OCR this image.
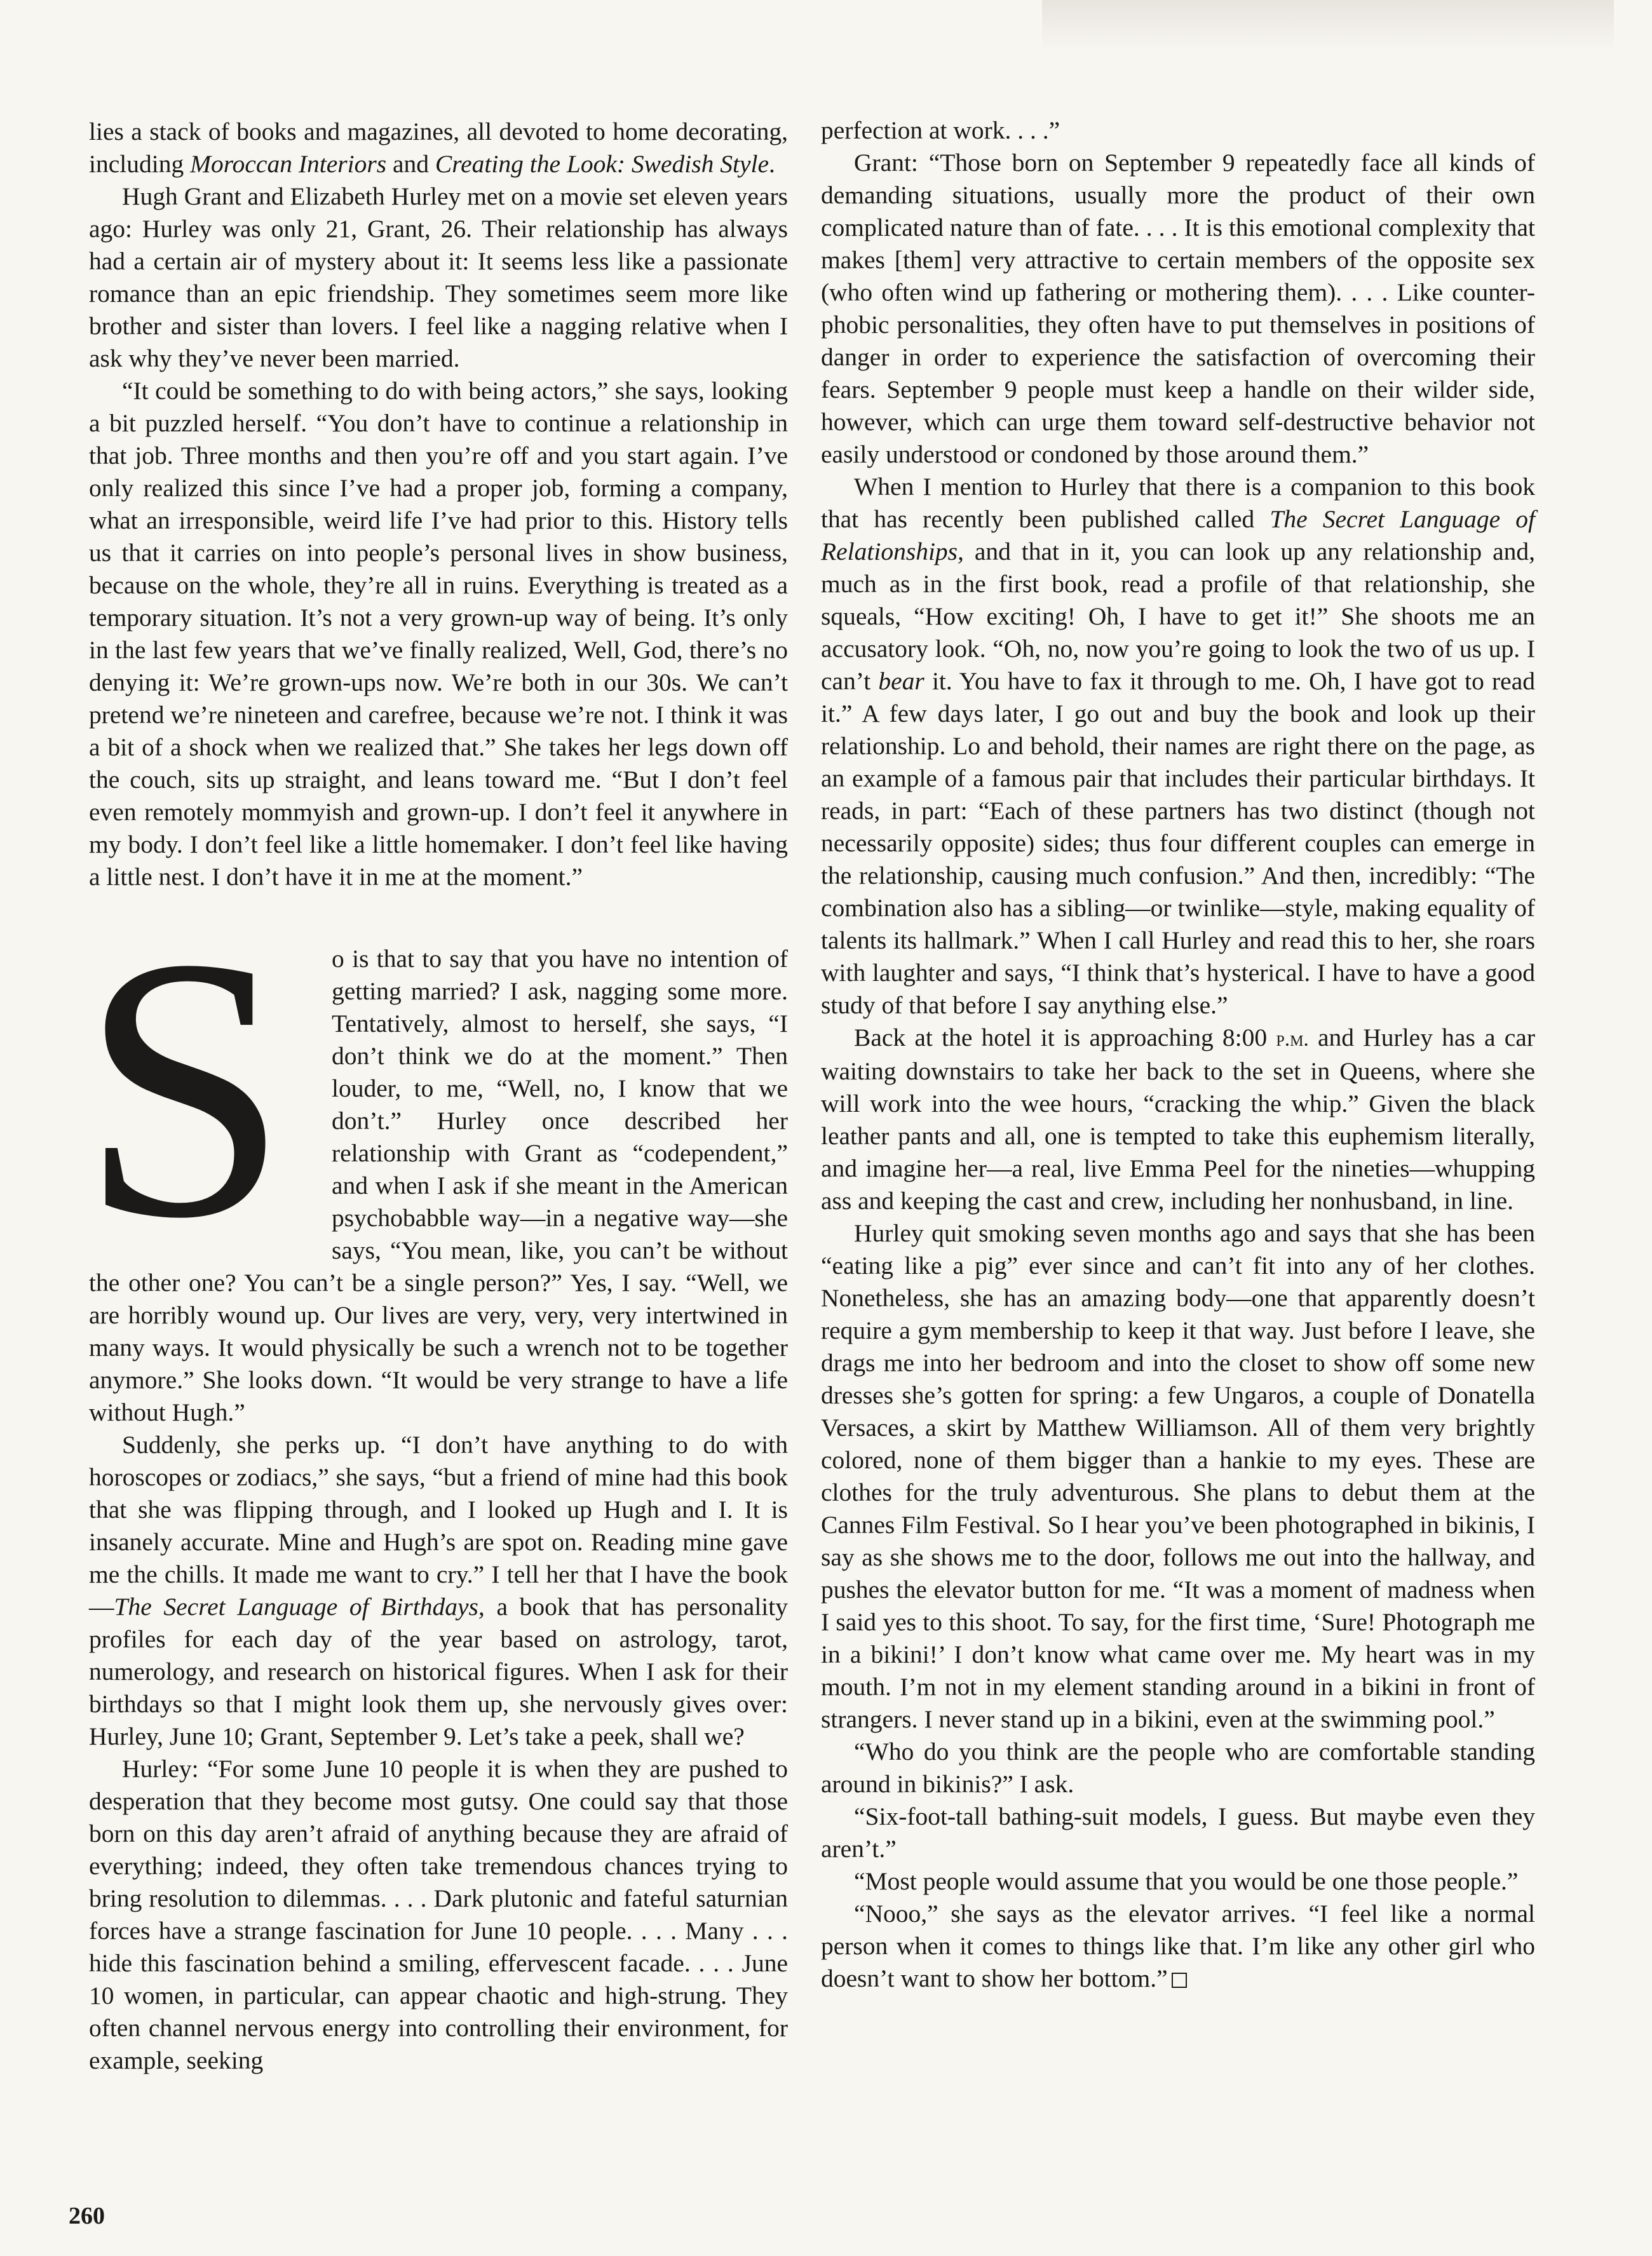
lies a stack of books and magazines, all devoted to home decorating, including Moroccan Interiors and Creating the Look: Swedish Style.

Hugh Grant and Elizabeth Hurley met on a movie set eleven years ago: Hurley was only 21, Grant, 26. Their relationship has always had a certain air of mystery about it: It seems less like a passionate romance than an epic friendship. They sometimes seem more like brother and sister than lovers. I feel like a nagging relative when I ask why they’ve never been married.

“It could be something to do with being actors,” she says, looking a bit puzzled herself. “You don’t have to continue a relationship in that job. Three months and then you’re off and you start again. I’ve only realized this since I’ve had a proper job, forming a company, what an irresponsible, weird life I’ve had prior to this. History tells us that it carries on into people’s personal lives in show business, because on the whole, they’re all in ruins. Everything is treated as a temporary situation. It’s not a very grown-up way of being. It’s only in the last few years that we’ve finally realized, Well, God, there’s no denying it: We’re grown-ups now. We’re both in our 30s. We can’t pretend we’re nineteen and carefree, because we’re not. I think it was a bit of a shock when we realized that.” She takes her legs down off the couch, sits up straight, and leans toward me. “But I don’t feel even remotely mommyish and grown-up. I don’t feel it anywhere in my body. I don’t feel like a little homemaker. I don’t feel like having a little nest. I don’t have it in me at the moment.”

S	o is that to say that you have no intention of getting married? I ask, nagging some more. Tentatively, almost to herself, she says, “I don’t think we do at the moment.” Then louder, to me, “Well, no, I know that we don’t.” Hurley once described her relationship with Grant as “codependent,” and when I ask if she meant in the American psychobabble way—in a negative way—she says, “You mean, like, you can’t be without the other one? You can’t be a single person?” Yes, I say. “Well, we are horribly wound up. Our lives are very, very, very intertwined in many ways. It would physically be such a wrench not to be together anymore.” She looks down. “It would be very strange to have a life without Hugh.”

Suddenly, she perks up. “I don’t have anything to do with horoscopes or zodiacs,” she says, “but a friend of mine had this book that she was flipping through, and I looked up Hugh and I. It is insanely accurate. Mine and Hugh’s are spot on. Reading mine gave me the chills. It made me want to cry.” I tell her that I have the book—The Secret Language of Birthdays, a book that has personality profiles for each day of the year based on astrology, tarot, numerology, and research on historical figures. When I ask for their birthdays so that I might look them up, she nervously gives over: Hurley, June 10; Grant, September 9. Let’s take a peek, shall we?

Hurley: “For some June 10 people it is when they are pushed to desperation that they become most gutsy. One could say that those born on this day aren’t afraid of anything because they are afraid of everything; indeed, they often take tremendous chances trying to bring resolution to dilemmas. . . . Dark plutonic and fateful saturnian forces have a strange fascination for June 10 people. . . . Many . . . hide this fascination behind a smiling, effervescent facade. . . . June 10 women, in particular, can appear chaotic and high-strung. They often channel nervous energy into controlling their environment, for example, seeking

perfection at work. . . .”

Grant: “Those born on September 9 repeatedly face all kinds of demanding situations, usually more the product of their own complicated nature than of fate. . . . It is this emotional complexity that makes [them] very attractive to certain members of the opposite sex (who often wind up fathering or mothering them). . . . Like counter-phobic personalities, they often have to put themselves in positions of danger in order to experience the satisfaction of overcoming their fears. September 9 people must keep a handle on their wilder side, however, which can urge them toward self-destructive behavior not easily understood or condoned by those around them.”

When I mention to Hurley that there is a companion to this book that has recently been published called The Secret Language of Relationships, and that in it, you can look up any relationship and, much as in the first book, read a profile of that relationship, she squeals, “How exciting! Oh, I have to get it!” She shoots me an accusatory look. “Oh, no, now you’re going to look the two of us up. I can’t bear it. You have to fax it through to me. Oh, I have got to read it.” A few days later, I go out and buy the book and look up their relationship. Lo and behold, their names are right there on the page, as an example of a famous pair that includes their particular birthdays. It reads, in part: “Each of these partners has two distinct (though not necessarily opposite) sides; thus four different couples can emerge in the relationship, causing much confusion.” And then, incredibly: “The combination also has a sibling—or twinlike—style, making equality of talents its hallmark.” When I call Hurley and read this to her, she roars with laughter and says, “I think that’s hysterical. I have to have a good study of that before I say anything else.”

Back at the hotel it is approaching 8:00 p.m. and Hurley has a car waiting downstairs to take her back to the set in Queens, where she will work into the wee hours, “cracking the whip.” Given the black leather pants and all, one is tempted to take this euphemism literally, and imagine her—a real, live Emma Peel for the nineties—whupping ass and keeping the cast and crew, including her nonhusband, in line.

Hurley quit smoking seven months ago and says that she has been “eating like a pig” ever since and can’t fit into any of her clothes. Nonetheless, she has an amazing body—one that apparently doesn’t require a gym membership to keep it that way. Just before I leave, she drags me into her bedroom and into the closet to show off some new dresses she’s gotten for spring: a few Ungaros, a couple of Donatella Versaces, a skirt by Matthew Williamson. All of them very brightly colored, none of them bigger than a hankie to my eyes. These are clothes for the truly adventurous. She plans to debut them at the Cannes Film Festival. So I hear you’ve been photographed in bikinis, I say as she shows me to the door, follows me out into the hallway, and pushes the elevator button for me. “It was a moment of madness when I said yes to this shoot. To say, for the first time, ‘Sure! Photograph me in a bikini!’ I don’t know what came over me. My heart was in my mouth. I’m not in my element standing around in a bikini in front of strangers. I never stand up in a bikini, even at the swimming pool.”

“Who do you think are the people who are comfortable standing around in bikinis?” I ask.

“Six-foot-tall bathing-suit models, I guess. But maybe even they aren’t.”

“Most people would assume that you would be one those people.”

“Nooo,” she says as the elevator arrives. “I feel like a normal person when it comes to things like that. I’m like any other girl who doesn’t want to show her bottom.”

260
